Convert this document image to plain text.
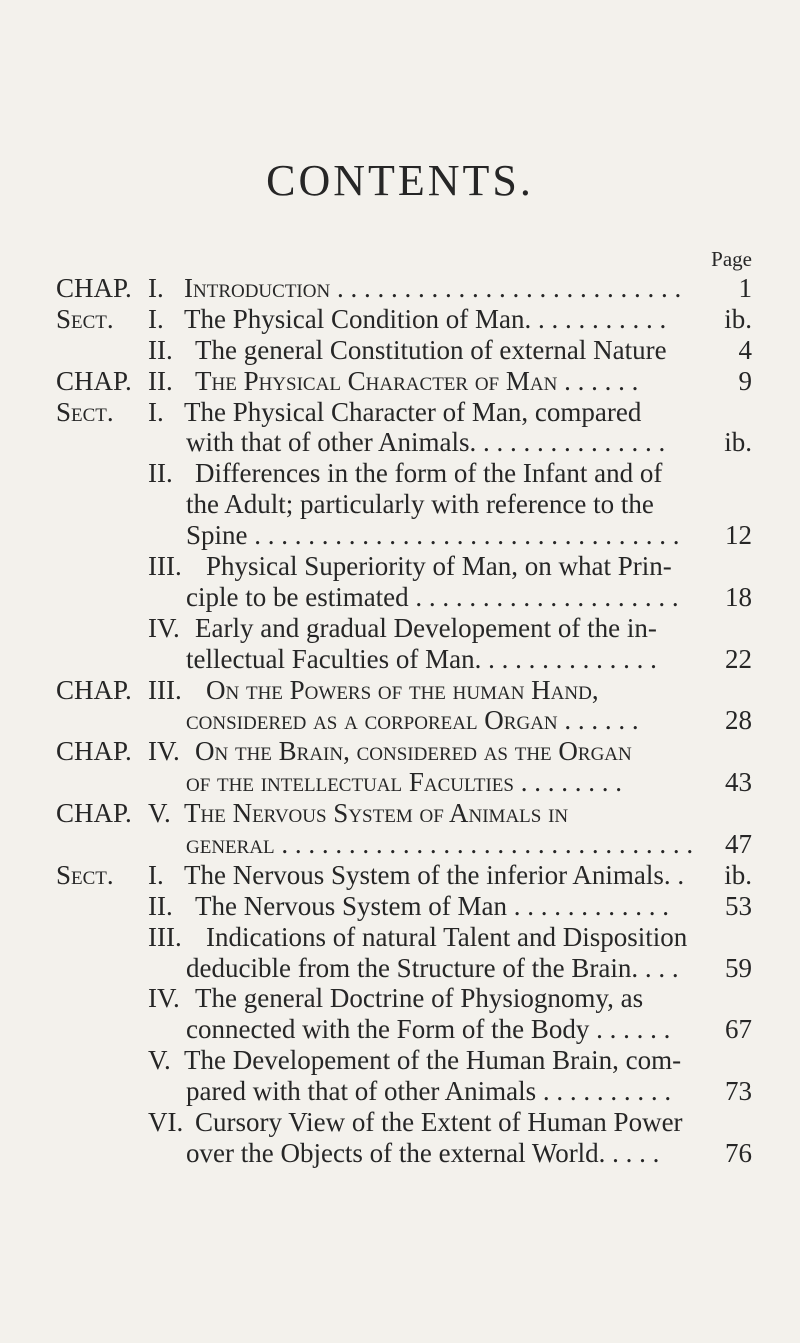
CONTENTS.
Page
CHAP. I. Introduction . . . . . . . . . . . . . . . . . . . . . . . . . .	1
Sect. I. The Physical Condition of Man. . . . . . . . . . .	ib.
II. The general Constitution of external Nature	4
CHAP. II. The Physical Character of Man . . . . . .	9
Sect. I. The Physical Character of Man, compared
with that of other Animals. . . . . . . . . . . . . . .	ib.
II. Differences in the form of the Infant and of
the Adult; particularly with reference to the
Spine . . . . . . . . . . . . . . . . . . . . . . . . . . . . . . . .	12
III. Physical Superiority of Man, on what Prin-
ciple to be estimated . . . . . . . . . . . . . . . . . . . .	18
IV. Early and gradual Developement of the in-
tellectual Faculties of Man. . . . . . . . . . . . . .	22
CHAP. III. On the Powers of the human Hand,
considered as a corporeal Organ . . . . . .	28
CHAP. IV. On the Brain, considered as the Organ
of the intellectual Faculties . . . . . . . .	43
CHAP. V. The Nervous System of Animals in
general . . . . . . . . . . . . . . . . . . . . . . . . . . . . . . .	47
Sect. I. The Nervous System of the inferior Animals. .	ib.
II. The Nervous System of Man . . . . . . . . . . . .	53
III. Indications of natural Talent and Disposition
deducible from the Structure of the Brain. . . .	59
IV. The general Doctrine of Physiognomy, as
connected with the Form of the Body . . . . . .	67
V. The Developement of the Human Brain, com-
pared with that of other Animals . . . . . . . . . .	73
VI. Cursory View of the Extent of Human Power
over the Objects of the external World. . . . .	76
